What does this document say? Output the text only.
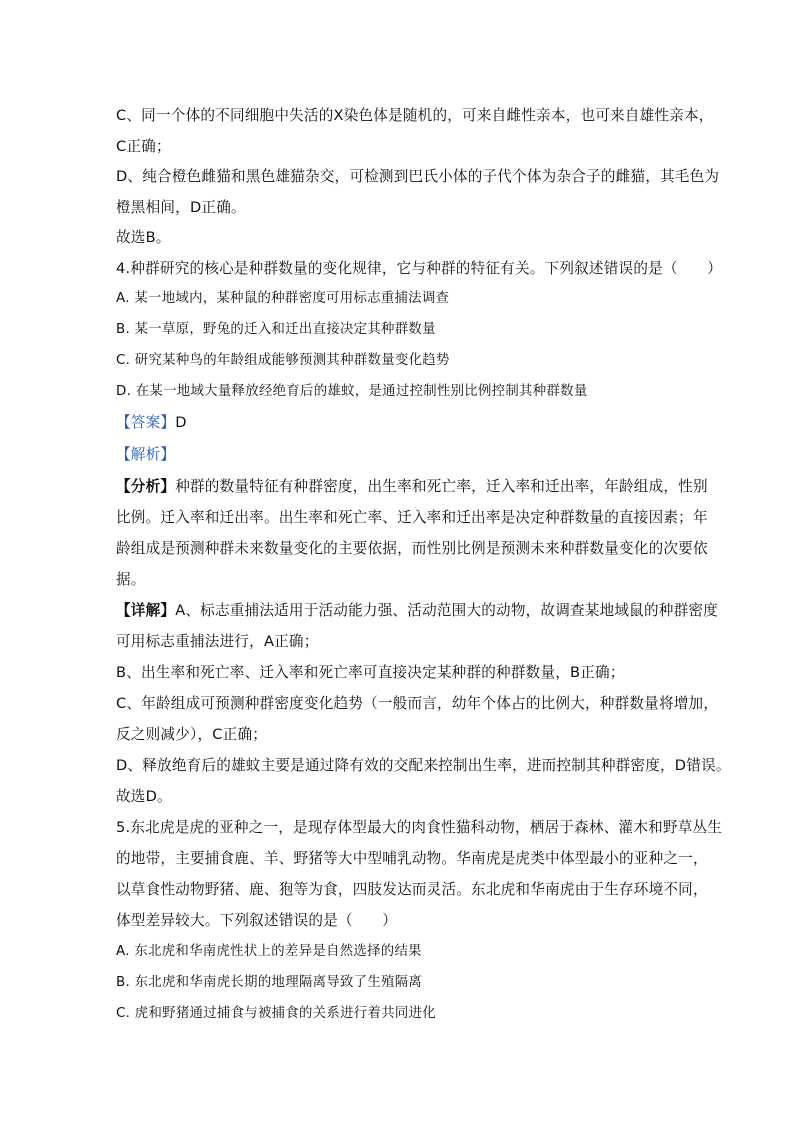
C、同一个体的不同细胞中失活的X染色体是随机的，可来自雌性亲本，也可来自雄性亲本，
C正确；
D、纯合橙色雌猫和黑色雄猫杂交，可检测到巴氏小体的子代个体为杂合子的雌猫，其毛色为
橙黑相间，D正确。
故选B。
4.种群研究的核心是种群数量的变化规律，它与种群的特征有关。下列叙述错误的是（　　）
A. 某一地域内，某种鼠的种群密度可用标志重捕法调查
B. 某一草原，野兔的迁入和迁出直接决定其种群数量
C. 研究某种鸟的年龄组成能够预测其种群数量变化趋势
D. 在某一地域大量释放经绝育后的雄蚊，是通过控制性别比例控制其种群数量
【答案】D
【解析】
【分析】种群的数量特征有种群密度，出生率和死亡率，迁入率和迁出率，年龄组成，性别
比例。迁入率和迁出率。出生率和死亡率、迁入率和迁出率是决定种群数量的直接因素；年
龄组成是预测种群未来数量变化的主要依据，而性别比例是预测未来种群数量变化的次要依
据。
【详解】A、标志重捕法适用于活动能力强、活动范围大的动物，故调查某地域鼠的种群密度
可用标志重捕法进行，A正确；
B、出生率和死亡率、迁入率和死亡率可直接决定某种群的种群数量，B正确；
C、年龄组成可预测种群密度变化趋势（一般而言，幼年个体占的比例大，种群数量将增加，
反之则减少），C正确；
D、释放绝育后的雄蚊主要是通过降有效的交配来控制出生率，进而控制其种群密度，D错误。
故选D。
5.东北虎是虎的亚种之一，是现存体型最大的肉食性猫科动物，栖居于森林、灌木和野草丛生
的地带，主要捕食鹿、羊、野猪等大中型哺乳动物。华南虎是虎类中体型最小的亚种之一，
以草食性动物野猪、鹿、狍等为食，四肢发达而灵活。东北虎和华南虎由于生存环境不同，
体型差异较大。下列叙述错误的是（　　）
A. 东北虎和华南虎性状上的差异是自然选择的结果
B. 东北虎和华南虎长期的地理隔离导致了生殖隔离
C. 虎和野猪通过捕食与被捕食的关系进行着共同进化
